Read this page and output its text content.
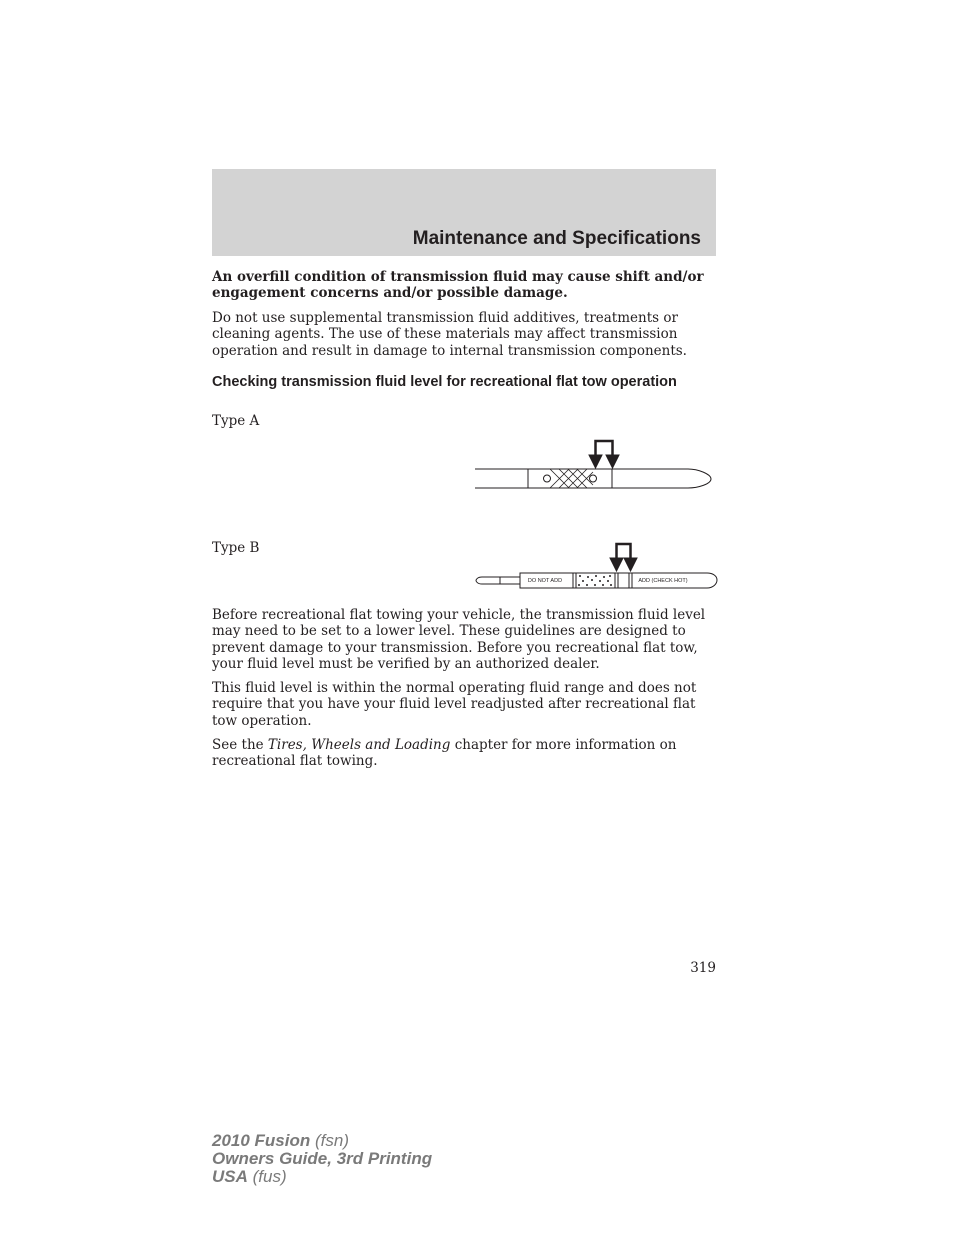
Maintenance and Specifications
An overfill condition of transmission fluid may cause shift and/or engagement concerns and/or possible damage.
Do not use supplemental transmission fluid additives, treatments or cleaning agents. The use of these materials may affect transmission operation and result in damage to internal transmission components.
Checking transmission fluid level for recreational flat tow operation
Type A
Type B
DO NOT ADD	ADD (CHECK HOT)
Before recreational flat towing your vehicle, the transmission fluid level may need to be set to a lower level. These guidelines are designed to prevent damage to your transmission. Before you recreational flat tow, your fluid level must be verified by an authorized dealer.
This fluid level is within the normal operating fluid range and does not require that you have your fluid level readjusted after recreational flat tow operation.
See the Tires, Wheels and Loading chapter for more information on recreational flat towing.
319
2010 Fusion (fsn)
Owners Guide, 3rd Printing
USA (fus)
